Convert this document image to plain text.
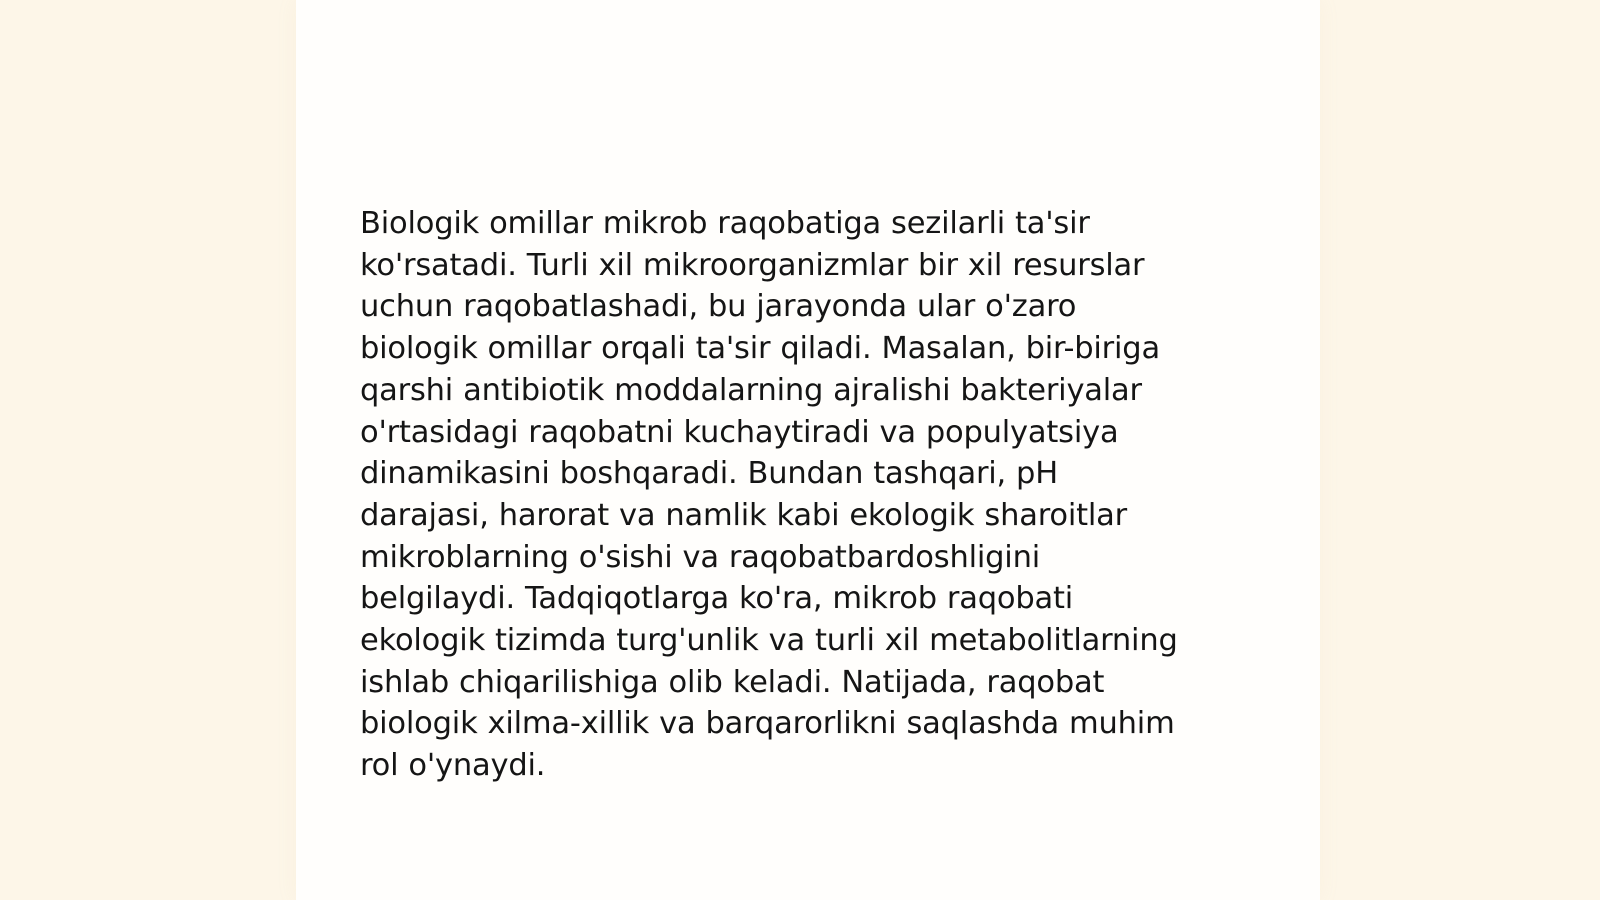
Biologik omillar mikrob raqobatiga sezilarli ta'sir
ko'rsatadi. Turli xil mikroorganizmlar bir xil resurslar
uchun raqobatlashadi, bu jarayonda ular o'zaro
biologik omillar orqali ta'sir qiladi. Masalan, bir-biriga
qarshi antibiotik moddalarning ajralishi bakteriyalar
o'rtasidagi raqobatni kuchaytiradi va populyatsiya
dinamikasini boshqaradi. Bundan tashqari, pH
darajasi, harorat va namlik kabi ekologik sharoitlar
mikroblarning o'sishi va raqobatbardoshligini
belgilaydi. Tadqiqotlarga ko'ra, mikrob raqobati
ekologik tizimda turg'unlik va turli xil metabolitlarning
ishlab chiqarilishiga olib keladi. Natijada, raqobat
biologik xilma-xillik va barqarorlikni saqlashda muhim
rol o'ynaydi.
